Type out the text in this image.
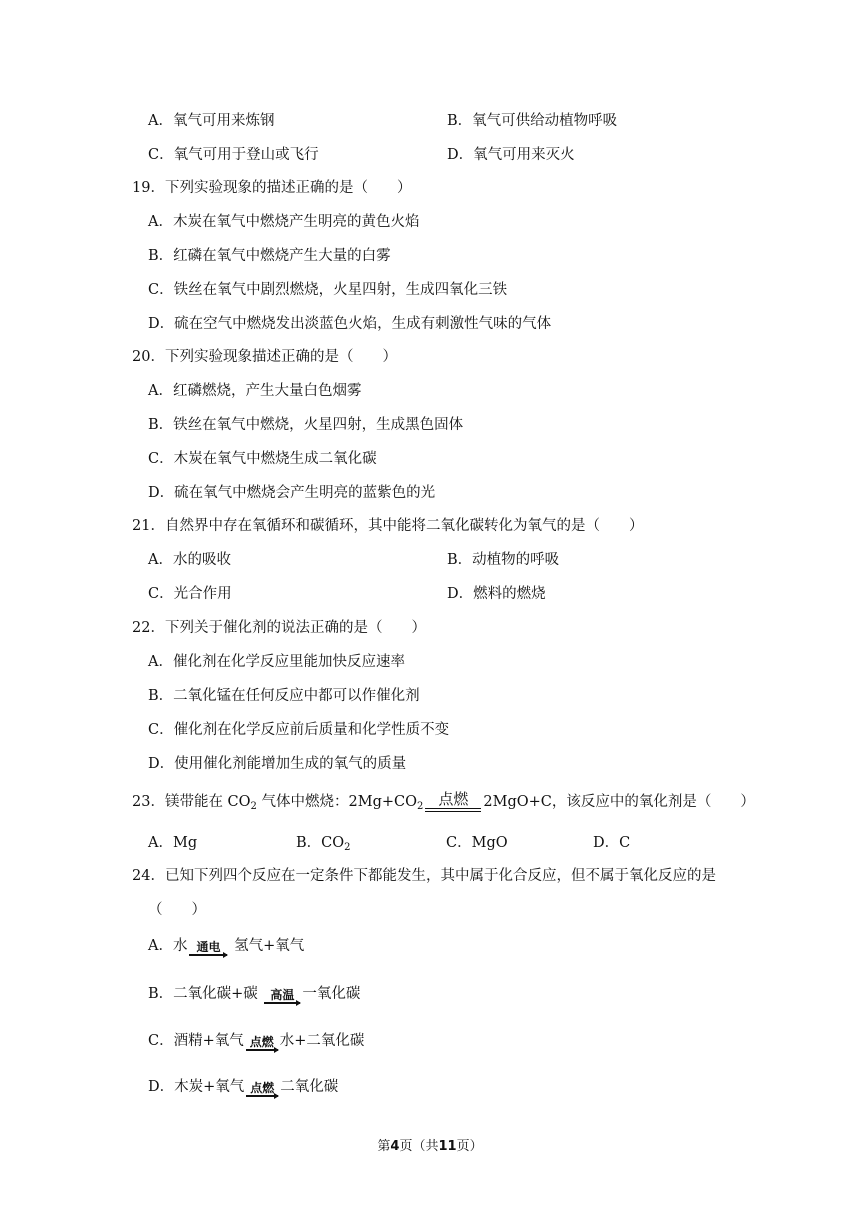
A．氧气可用来炼钢	B．氧气可供给动植物呼吸
C．氧气可用于登山或飞行	D．氧气可用来灭火
19．下列实验现象的描述正确的是（　　）
A．木炭在氧气中燃烧产生明亮的黄色火焰
B．红磷在氧气中燃烧产生大量的白雾
C．铁丝在氧气中剧烈燃烧，火星四射，生成四氧化三铁
D．硫在空气中燃烧发出淡蓝色火焰，生成有刺激性气味的气体
20．下列实验现象描述正确的是（　　）
A．红磷燃烧，产生大量白色烟雾
B．铁丝在氧气中燃烧，火星四射，生成黑色固体
C．木炭在氧气中燃烧生成二氧化碳
D．硫在氧气中燃烧会产生明亮的蓝紫色的光
21．自然界中存在氧循环和碳循环，其中能将二氧化碳转化为氧气的是（　　）
A．水的吸收	B．动植物的呼吸
C．光合作用	D．燃料的燃烧
22．下列关于催化剂的说法正确的是（　　）
A．催化剂在化学反应里能加快反应速率
B．二氧化锰在任何反应中都可以作催化剂
C．催化剂在化学反应前后质量和化学性质不变
D．使用催化剂能增加生成的氧气的质量
23．镁带能在 $CO_2$ 气体中燃烧：$2Mg+CO_2$ 点燃	2MgO+C，该反应中的氧化剂是（　　）
A．Mg	B．$CO_2$	C．MgO	D．C
24．已知下列四个反应在一定条件下都能发生，其中属于化合反应，但不属于氧化反应的是
（　　）
A．水 通电 氢气+氧气
B．二氧化碳+碳	高温 一氧化碳
C．酒精+氧气 点燃 水+二氧化碳
D．木炭+氧气 点燃 二氧化碳
第4页（共11页）
